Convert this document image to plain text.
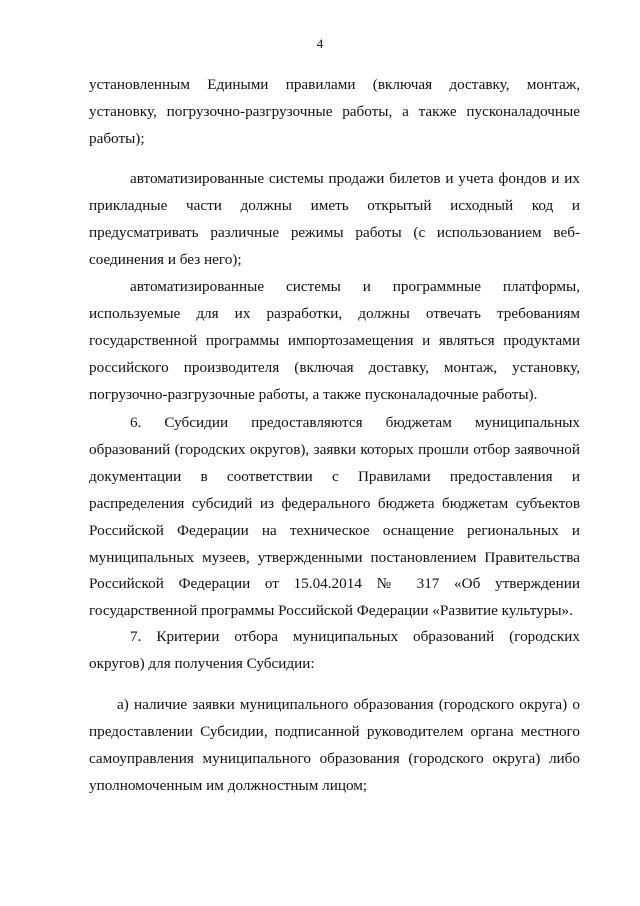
4

установленным Едиными правилами (включая доставку, монтаж, установку, погрузочно-разгрузочные работы, а также пусконаладочные работы);

автоматизированные системы продажи билетов и учета фондов и их прикладные части должны иметь открытый исходный код и предусматривать различные режимы работы (с использованием веб-соединения и без него);

автоматизированные системы и программные платформы, используемые для их разработки, должны отвечать требованиям государственной программы импортозамещения и являться продуктами российского производителя (включая доставку, монтаж, установку, погрузочно-разгрузочные работы, а также пусконаладочные работы).

6. Субсидии предоставляются бюджетам муниципальных образований (городских округов), заявки которых прошли отбор заявочной документации в соответствии с Правилами предоставления и распределения субсидий из федерального бюджета бюджетам субъектов Российской Федерации на техническое оснащение региональных и муниципальных музеев, утвержденными постановлением Правительства Российской Федерации от 15.04.2014 № 317 «Об утверждении государственной программы Российской Федерации «Развитие культуры».

7. Критерии отбора муниципальных образований (городских округов) для получения Субсидии:

а) наличие заявки муниципального образования (городского округа) о предоставлении Субсидии, подписанной руководителем органа местного самоуправления муниципального образования (городского округа) либо уполномоченным им должностным лицом;
